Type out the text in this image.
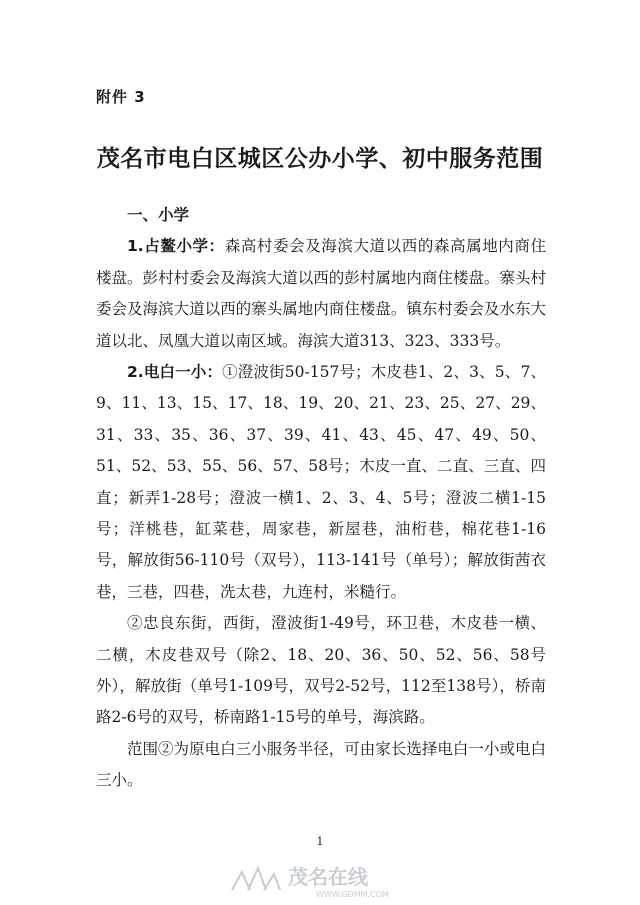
附件 3
茂名市电白区城区公办小学、初中服务范围
一、小学

1.占鳌小学：森高村委会及海滨大道以西的森高属地内商住楼盘。彭村村委会及海滨大道以西的彭村属地内商住楼盘。寨头村委会及海滨大道以西的寨头属地内商住楼盘。镇东村委会及水东大道以北、凤凰大道以南区域。海滨大道313、323、333号。

2.电白一小：①澄波街50-157号；木皮巷1、2、3、5、7、9、11、13、15、17、18、19、20、21、23、25、27、29、31、33、35、36、37、39、41、43、45、47、49、50、51、52、53、55、56、57、58号；木皮一直、二直、三直、四直；新弄1-28号；澄波一横1、2、3、4、5号；澄波二横1-15号；洋桃巷，缸菜巷，周家巷，新屋巷，油桁巷，棉花巷1-16号，解放街56-110号（双号），113-141号（单号）；解放街茜衣巷，三巷，四巷，冼太巷，九连村，米糙行。

②忠良东街，西街，澄波街1-49号，环卫巷，木皮巷一横、二横，木皮巷双号（除2、18、20、36、50、52、56、58号外），解放街（单号1-109号，双号2-52号，112至138号），桥南路2-6号的双号，桥南路1-15号的单号，海滨路。

范围②为原电白三小服务半径，可由家长选择电白一小或电白三小。

1
茂名在线
WWW.GDMM.COM
